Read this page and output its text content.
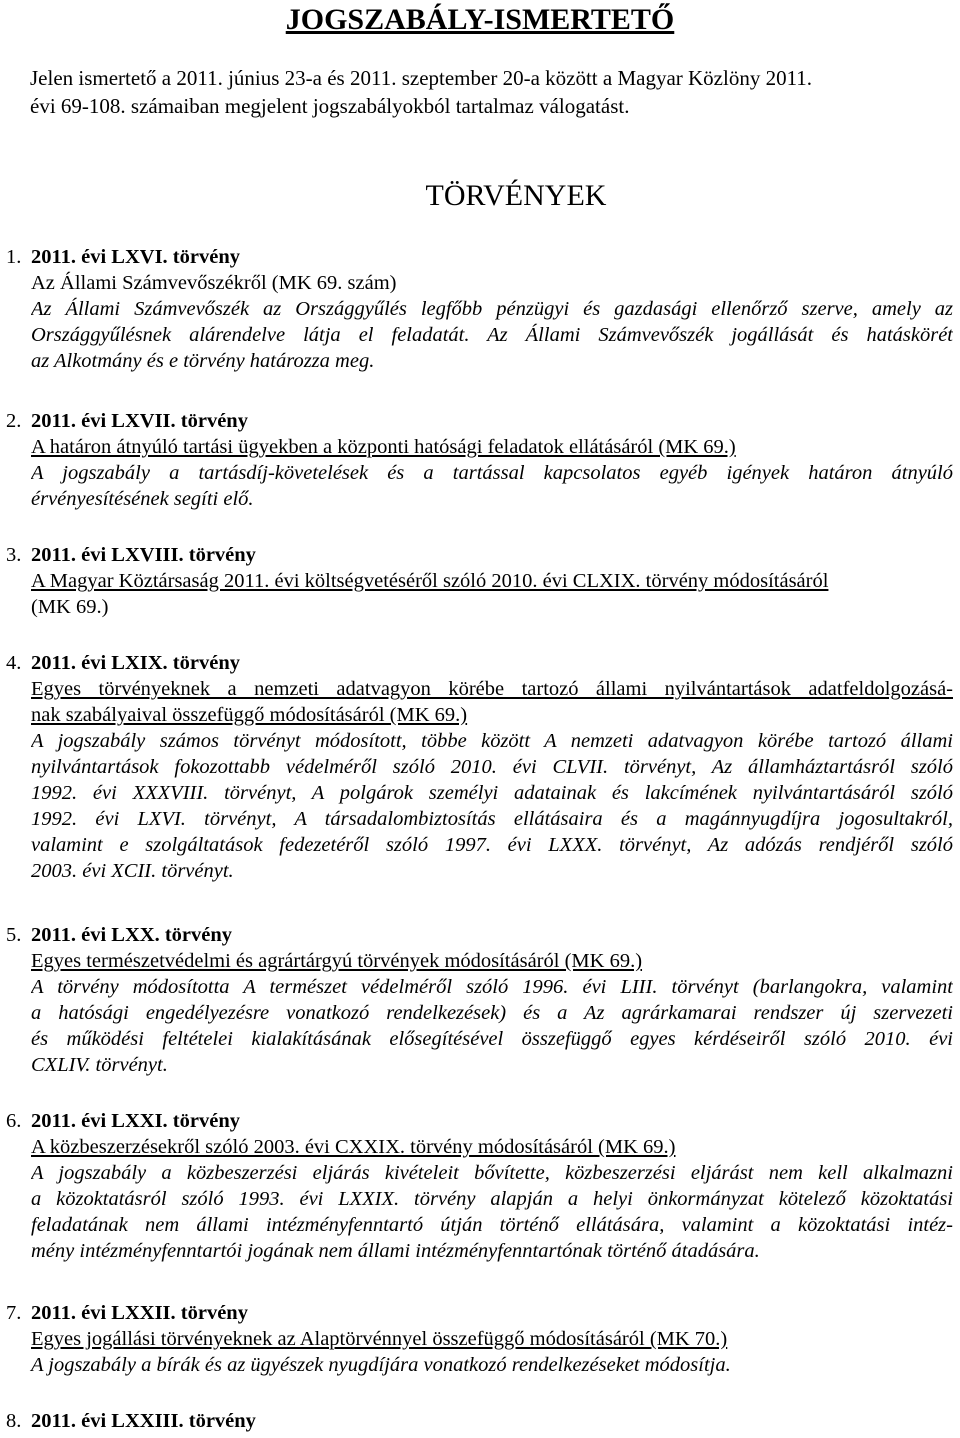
JOGSZABÁLY-ISMERTETŐ
Jelen ismertető a 2011. június 23-a és 2011. szeptember 20-a között a Magyar Közlöny 2011.
évi 69-108. számaiban megjelent jogszabályokból tartalmaz válogatást.
TÖRVÉNYEK
1. 2011. évi LXVI. törvény
Az Állami Számvevőszékről (MK 69. szám)
Az Állami Számvevőszék az Országgyűlés legfőbb pénzügyi és gazdasági ellenőrző szerve, amely az
Országgyűlésnek alárendelve látja el feladatát. Az Állami Számvevőszék jogállását és hatáskörét
az Alkotmány és e törvény határozza meg.
2. 2011. évi LXVII. törvény
A határon átnyúló tartási ügyekben a központi hatósági feladatok ellátásáról (MK 69.)
A jogszabály a tartásdíj-követelések és a tartással kapcsolatos egyéb igények határon átnyúló
érvényesítésének segíti elő.
3. 2011. évi LXVIII. törvény
A Magyar Köztársaság 2011. évi költségvetéséről szóló 2010. évi CLXIX. törvény módosításáról
(MK 69.)
4. 2011. évi LXIX. törvény
Egyes törvényeknek a nemzeti adatvagyon körébe tartozó állami nyilvántartások adatfeldolgozásá-
nak szabályaival összefüggő módosításáról (MK 69.)
A jogszabály számos törvényt módosított, többe között A nemzeti adatvagyon körébe tartozó állami
nyilvántartások fokozottabb védelméről szóló 2010. évi CLVII. törvényt, Az államháztartásról szóló
1992. évi XXXVIII. törvényt, A polgárok személyi adatainak és lakcímének nyilvántartásáról szóló
1992. évi LXVI. törvényt, A társadalombiztosítás ellátásaira és a magánnyugdíjra jogosultakról,
valamint e szolgáltatások fedezetéről szóló 1997. évi LXXX. törvényt, Az adózás rendjéről szóló
2003. évi XCII. törvényt.
5. 2011. évi LXX. törvény
Egyes természetvédelmi és agrártárgyú törvények módosításáról (MK 69.)
A törvény módosította A természet védelméről szóló 1996. évi LIII. törvényt (barlangokra, valamint
a hatósági engedélyezésre vonatkozó rendelkezések) és a Az agrárkamarai rendszer új szervezeti
és működési feltételei kialakításának elősegítésével összefüggő egyes kérdéseiről szóló 2010. évi
CXLIV. törvényt.
6. 2011. évi LXXI. törvény
A közbeszerzésekről szóló 2003. évi CXXIX. törvény módosításáról (MK 69.)
A jogszabály a közbeszerzési eljárás kivételeit bővítette, közbeszerzési eljárást nem kell alkalmazni
a közoktatásról szóló 1993. évi LXXIX. törvény alapján a helyi önkormányzat kötelező közoktatási
feladatának nem állami intézményfenntartó útján történő ellátására, valamint a közoktatási intéz-
mény intézményfenntartói jogának nem állami intézményfenntartónak történő átadására.
7. 2011. évi LXXII. törvény
Egyes jogállási törvényeknek az Alaptörvénnyel összefüggő módosításáról (MK 70.)
A jogszabály a bírák és az ügyészek nyugdíjára vonatkozó rendelkezéseket módosítja.
8. 2011. évi LXXIII. törvény
